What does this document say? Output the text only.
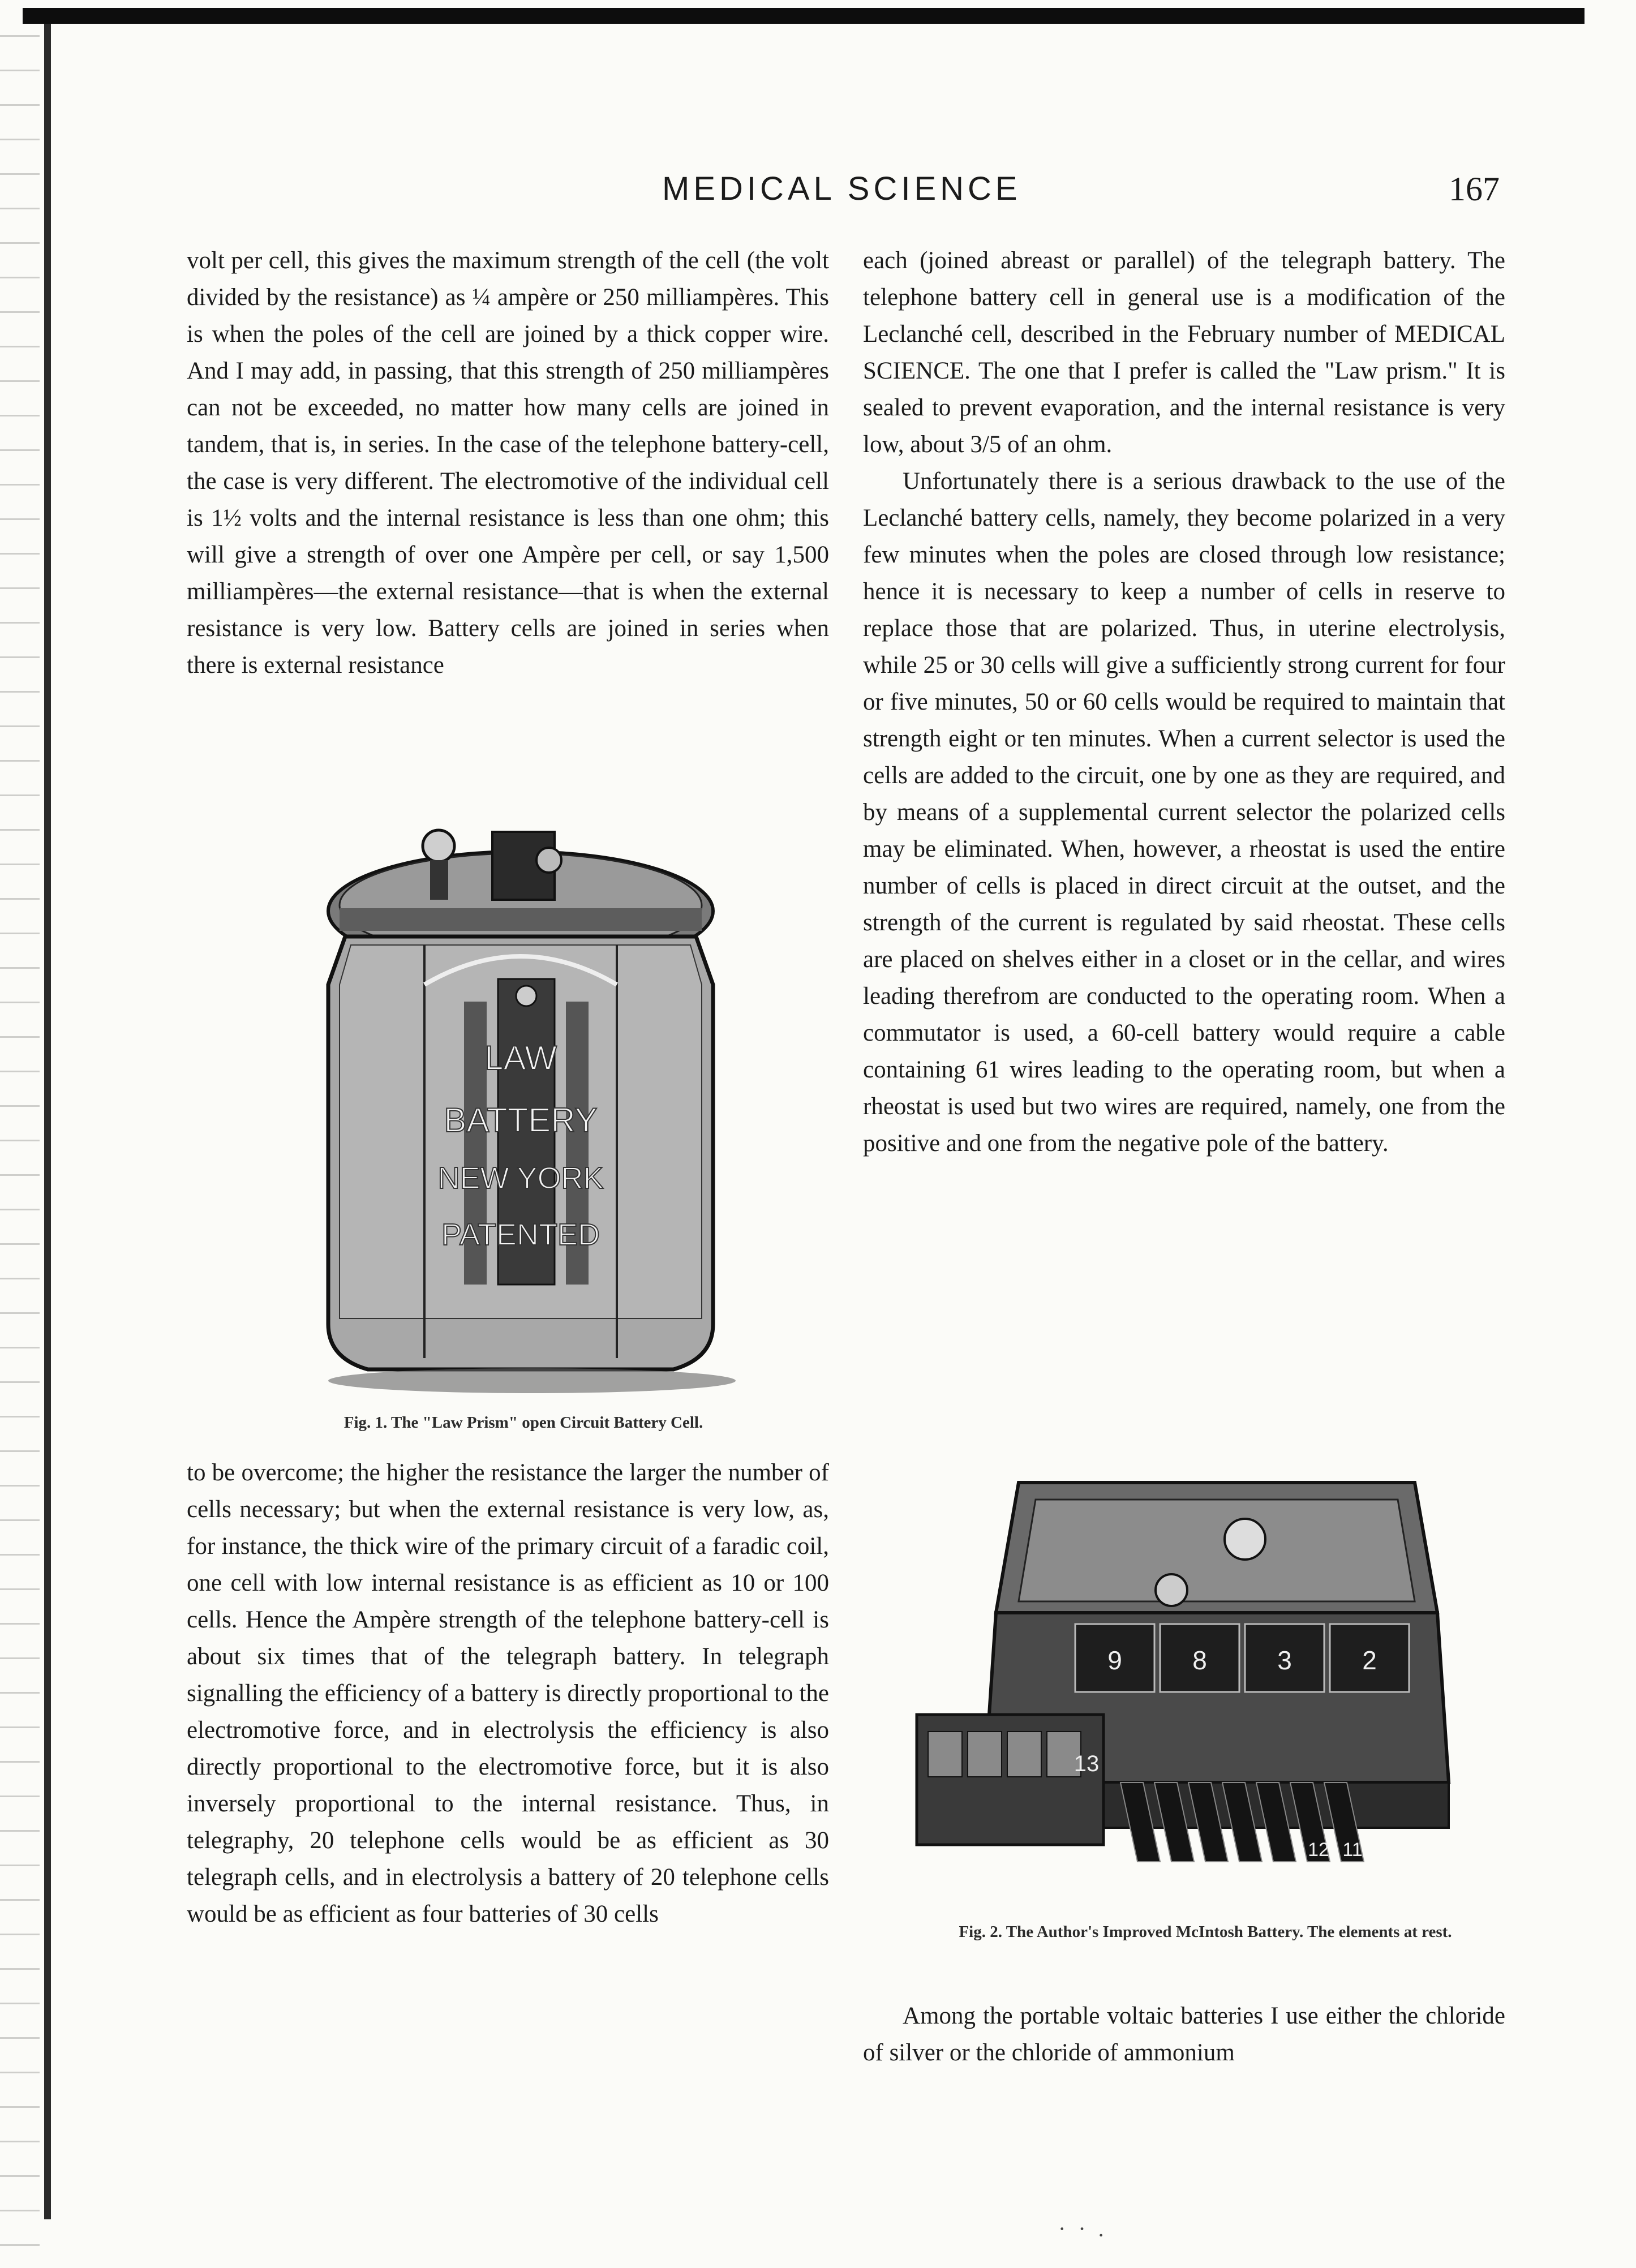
MEDICAL SCIENCE	167

volt per cell, this gives the maximum strength of the cell (the volt divided by the resistance) as ¼ ampère or 250 milliampères. This is when the poles of the cell are joined by a thick copper wire. And I may add, in passing, that this strength of 250 milliampères can not be exceeded, no matter how many cells are joined in tandem, that is, in series. In the case of the telephone battery-cell, the case is very different. The electromotive of the individual cell is 1½ volts and the internal resistance is less than one ohm; this will give a strength of over one Ampère per cell, or say 1,500 milliampères—the external resistance—that is when the external resistance is very low. Battery cells are joined in series when there is external resistance

LAW
BATTERY
NEW YORK
PATENTED
Fig. 1. The "Law Prism" open Circuit Battery Cell.

to be overcome; the higher the resistance the larger the number of cells necessary; but when the external resistance is very low, as, for instance, the thick wire of the primary circuit of a faradic coil, one cell with low internal resistance is as efficient as 10 or 100 cells. Hence the Ampère strength of the telephone battery-cell is about six times that of the telegraph battery. In telegraph signalling the efficiency of a battery is directly proportional to the electromotive force, and in electrolysis the efficiency is also directly proportional to the electromotive force, but it is also inversely proportional to the internal resistance. Thus, in telegraphy, 20 telephone cells would be as efficient as 30 telegraph cells, and in electrolysis a battery of 20 telephone cells would be as efficient as four batteries of 30 cells

each (joined abreast or parallel) of the telegraph battery. The telephone battery cell in general use is a modification of the Leclanché cell, described in the February number of MEDICAL SCIENCE. The one that I prefer is called the "Law prism." It is sealed to prevent evaporation, and the internal resistance is very low, about 3/5 of an ohm.

Unfortunately there is a serious drawback to the use of the Leclanché battery cells, namely, they become polarized in a very few minutes when the poles are closed through low resistance; hence it is necessary to keep a number of cells in reserve to replace those that are polarized. Thus, in uterine electrolysis, while 25 or 30 cells will give a sufficiently strong current for four or five minutes, 50 or 60 cells would be required to maintain that strength eight or ten minutes. When a current selector is used the cells are added to the circuit, one by one as they are required, and by means of a supplemental current selector the polarized cells may be eliminated. When, however, a rheostat is used the entire number of cells is placed in direct circuit at the outset, and the strength of the current is regulated by said rheostat. These cells are placed on shelves either in a closet or in the cellar, and wires leading therefrom are conducted to the operating room. When a commutator is used, a 60-cell battery would require a cable containing 61 wires leading to the operating room, but when a rheostat is used but two wires are required, namely, one from the positive and one from the negative pole of the battery.

9	8	3	2
13
12 11
Fig. 2. The Author's Improved McIntosh Battery. The elements at rest.

Among the portable voltaic batteries I use either the chloride of silver or the chloride of ammonium

· · .
